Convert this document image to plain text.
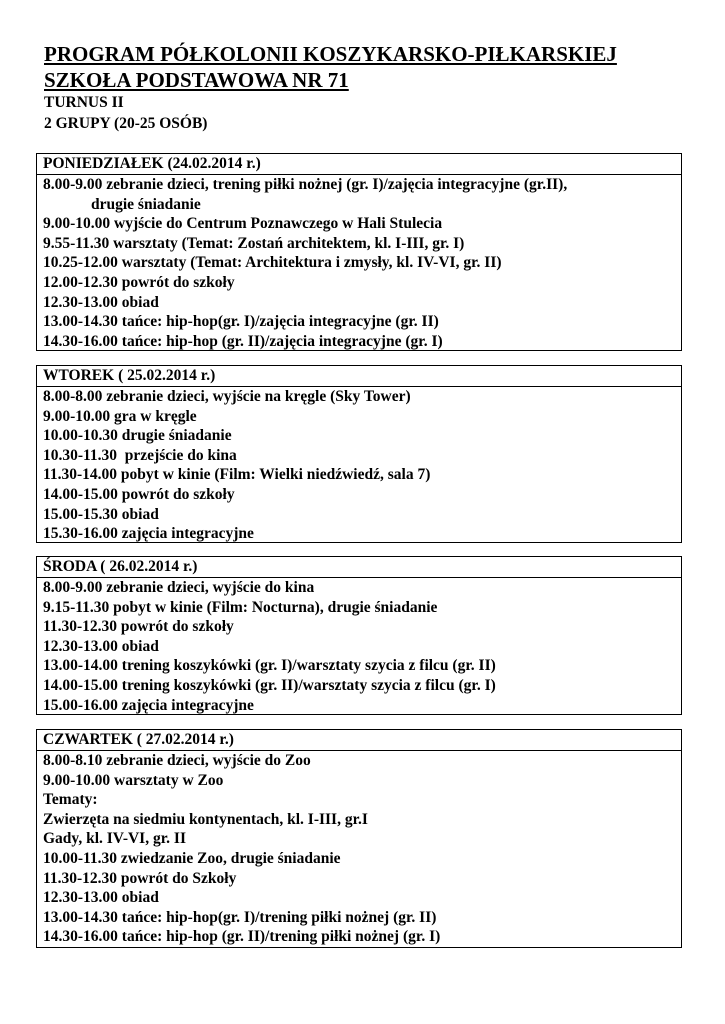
PROGRAM PÓŁKOLONII KOSZYKARSKO-PIŁKARSKIEJ
SZKOŁA PODSTAWOWA NR 71
TURNUS II
2 GRUPY (20-25 OSÓB)
PONIEDZIAŁEK (24.02.2014 r.)
8.00-9.00 zebranie dzieci, trening piłki nożnej (gr. I)/zajęcia integracyjne (gr.II),
drugie śniadanie
9.00-10.00 wyjście do Centrum Poznawczego w Hali Stulecia
9.55-11.30 warsztaty (Temat: Zostań architektem, kl. I-III, gr. I)
10.25-12.00 warsztaty (Temat: Architektura i zmysły, kl. IV-VI, gr. II)
12.00-12.30 powrót do szkoły
12.30-13.00 obiad
13.00-14.30 tańce: hip-hop(gr. I)/zajęcia integracyjne (gr. II)
14.30-16.00 tańce: hip-hop (gr. II)/zajęcia integracyjne (gr. I)
WTOREK ( 25.02.2014 r.)
8.00-8.00 zebranie dzieci, wyjście na kręgle (Sky Tower)
9.00-10.00 gra w kręgle
10.00-10.30 drugie śniadanie
10.30-11.30  przejście do kina
11.30-14.00 pobyt w kinie (Film: Wielki niedźwiedź, sala 7)
14.00-15.00 powrót do szkoły
15.00-15.30 obiad
15.30-16.00 zajęcia integracyjne
ŚRODA ( 26.02.2014 r.)
8.00-9.00 zebranie dzieci, wyjście do kina
9.15-11.30 pobyt w kinie (Film: Nocturna), drugie śniadanie
11.30-12.30 powrót do szkoły
12.30-13.00 obiad
13.00-14.00 trening koszykówki (gr. I)/warsztaty szycia z filcu (gr. II)
14.00-15.00 trening koszykówki (gr. II)/warsztaty szycia z filcu (gr. I)
15.00-16.00 zajęcia integracyjne
CZWARTEK ( 27.02.2014 r.)
8.00-8.10 zebranie dzieci, wyjście do Zoo
9.00-10.00 warsztaty w Zoo
Tematy:
Zwierzęta na siedmiu kontynentach, kl. I-III, gr.I
Gady, kl. IV-VI, gr. II
10.00-11.30 zwiedzanie Zoo, drugie śniadanie
11.30-12.30 powrót do Szkoły
12.30-13.00 obiad
13.00-14.30 tańce: hip-hop(gr. I)/trening piłki nożnej (gr. II)
14.30-16.00 tańce: hip-hop (gr. II)/trening piłki nożnej (gr. I)
